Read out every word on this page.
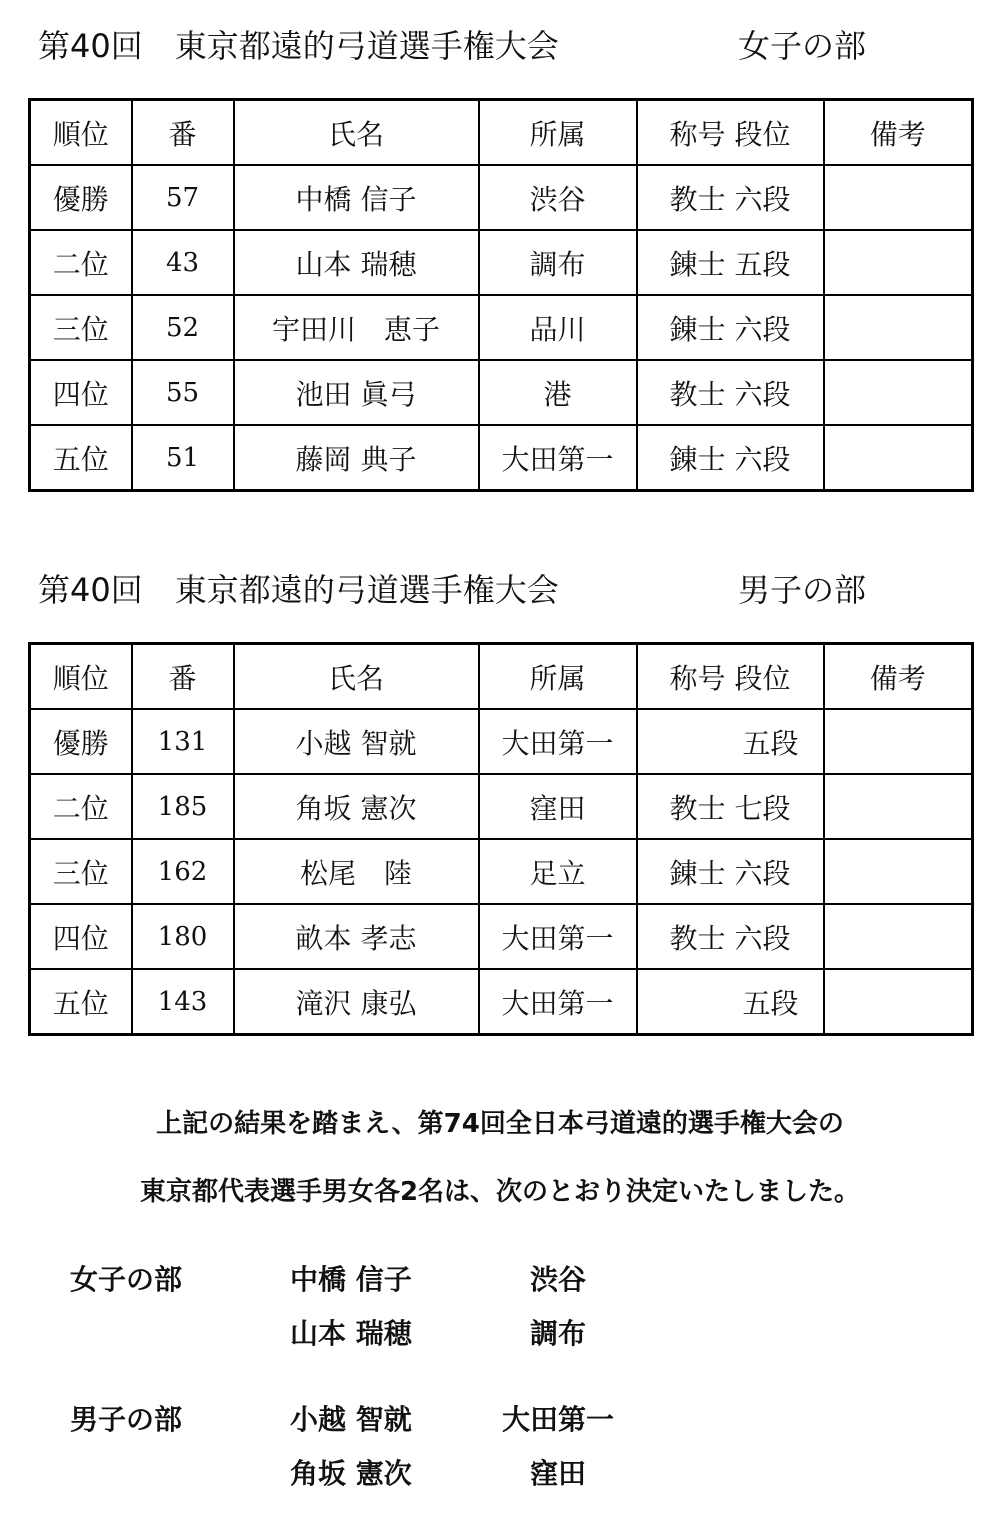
第40回　東京都遠的弓道選手権大会	女子の部
順位	番	氏名	所属	称号 段位	備考
優勝	57	中橋 信子	渋谷	教士 六段	
二位	43	山本 瑞穂	調布	錬士 五段	
三位	52	宇田川　恵子	品川	錬士 六段	
四位	55	池田 眞弓	港	教士 六段	
五位	51	藤岡 典子	大田第一	錬士 六段	
第40回　東京都遠的弓道選手権大会	男子の部
順位	番	氏名	所属	称号 段位	備考
優勝	131	小越 智就	大田第一	五段	
二位	185	角坂 憲次	窪田	教士 七段	
三位	162	松尾　陸	足立	錬士 六段	
四位	180	畝本 孝志	大田第一	教士 六段	
五位	143	滝沢 康弘	大田第一	五段	
上記の結果を踏まえ、第74回全日本弓道遠的選手権大会の
東京都代表選手男女各2名は、次のとおり決定いたしました。
女子の部	中橋 信子	渋谷
山本 瑞穂	調布
男子の部	小越 智就	大田第一
角坂 憲次	窪田
